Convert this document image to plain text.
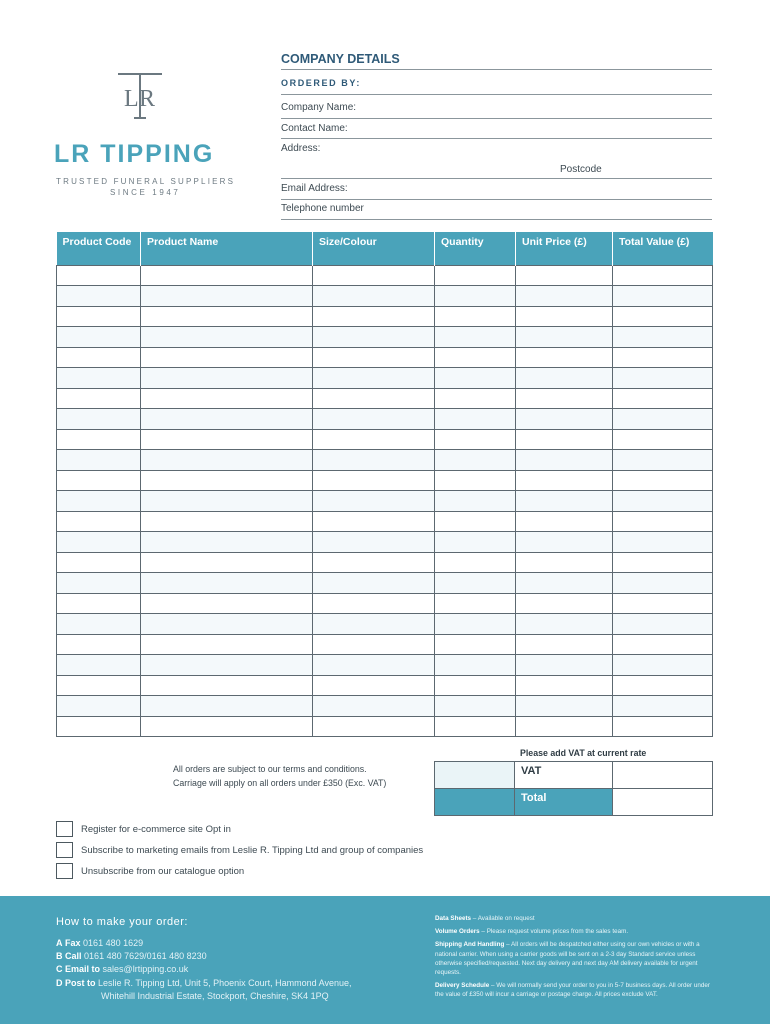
L R
LR TIPPING
TRUSTED FUNERAL SUPPLIERS
SINCE 1947
COMPANY DETAILS
ORDERED BY:
Company Name:
Contact Name:
Address:
Postcode
Email Address:
Telephone number
Product Code	Product Name	Size/Colour	Quantity	Unit Price (£)	Total Value (£)

All orders are subject to our terms and conditions.
Carriage will apply on all orders under £350 (Exc. VAT)
Please add VAT at current rate
	VAT	
	Total	
Register for e-commerce site Opt in
Subscribe to marketing emails from Leslie R. Tipping Ltd and group of companies
Unsubscribe from our catalogue option
How to make your order:
A Fax 0161 480 1629
B Call 0161 480 7629/0161 480 8230
C Email to sales@lrtipping.co.uk
D Post to Leslie R. Tipping Ltd, Unit 5, Phoenix Court, Hammond Avenue,
Whitehill Industrial Estate, Stockport, Cheshire, SK4 1PQ

Data Sheets – Available on request

Volume Orders – Please request volume prices from the sales team.

Shipping And Handling – All orders will be despatched either using our own vehicles or with a national carrier. When using a carrier goods will be sent on a 2-3 day Standard service unless otherwise specified/requested. Next day delivery and next day AM delivery available for urgent requests.

Delivery Schedule – We will normally send your order to you in 5-7 business days. All order under the value of £350 will incur a carriage or postage charge. All prices exclude VAT.
